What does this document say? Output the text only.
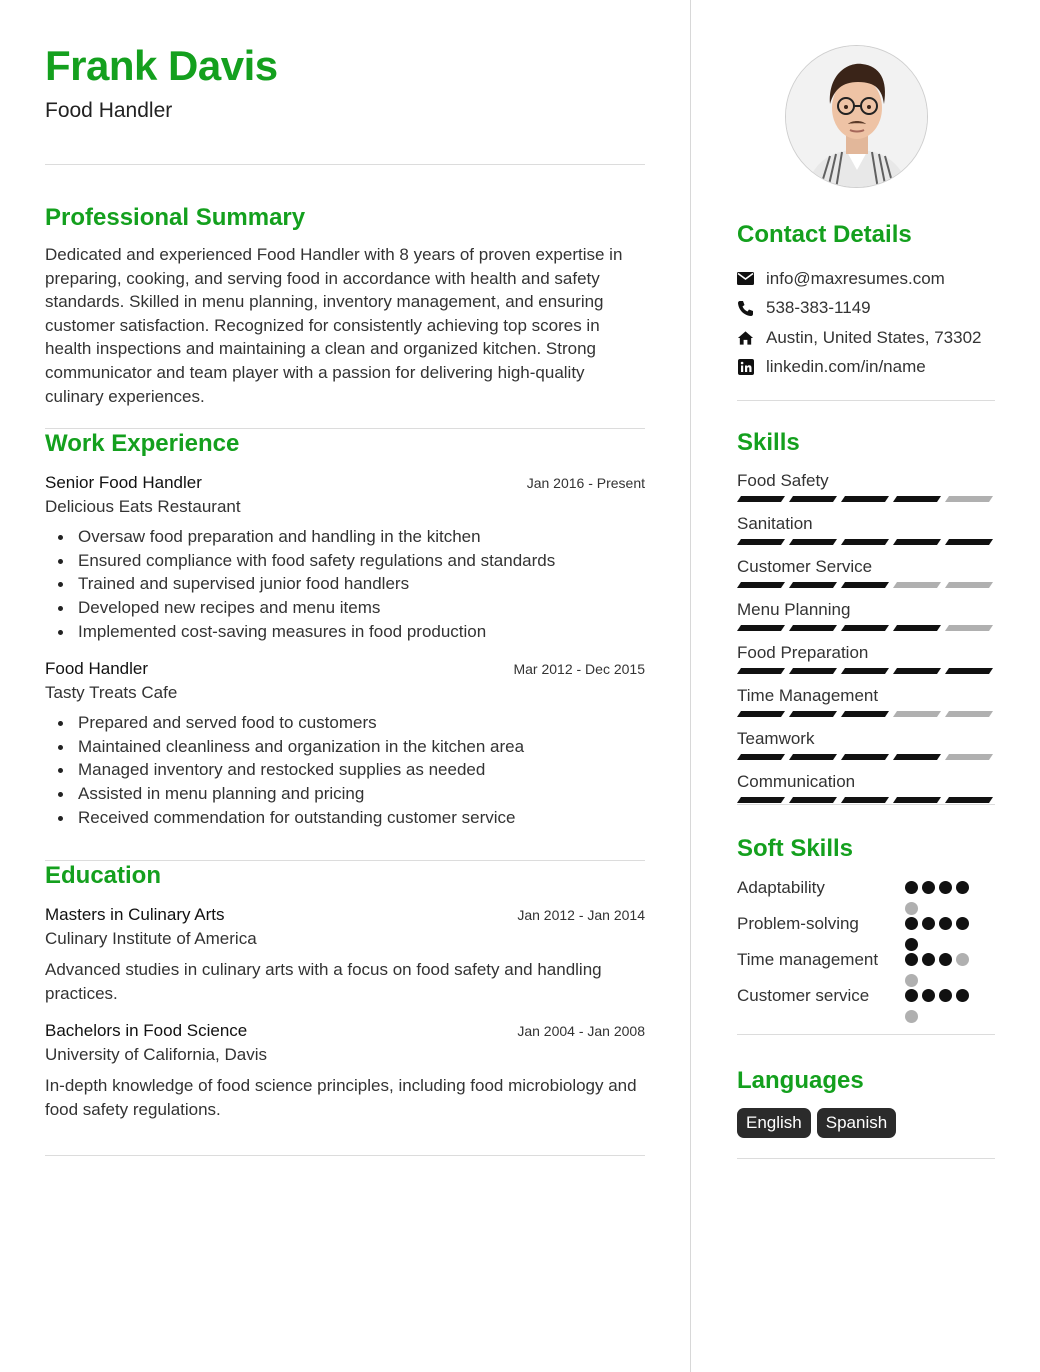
Frank Davis
Food Handler
Professional Summary
Dedicated and experienced Food Handler with 8 years of proven expertise in preparing, cooking, and serving food in accordance with health and safety standards. Skilled in menu planning, inventory management, and ensuring customer satisfaction. Recognized for consistently achieving top scores in health inspections and maintaining a clean and organized kitchen. Strong communicator and team player with a passion for delivering high-quality culinary experiences.
Work Experience
Senior Food Handler	Jan 2016 - Present
Delicious Eats Restaurant
Oversaw food preparation and handling in the kitchen
Ensured compliance with food safety regulations and standards
Trained and supervised junior food handlers
Developed new recipes and menu items
Implemented cost-saving measures in food production
Food Handler	Mar 2012 - Dec 2015
Tasty Treats Cafe
Prepared and served food to customers
Maintained cleanliness and organization in the kitchen area
Managed inventory and restocked supplies as needed
Assisted in menu planning and pricing
Received commendation for outstanding customer service
Education
Masters in Culinary Arts	Jan 2012 - Jan 2014
Culinary Institute of America
Advanced studies in culinary arts with a focus on food safety and handling practices.
Bachelors in Food Science	Jan 2004 - Jan 2008
University of California, Davis
In-depth knowledge of food science principles, including food microbiology and food safety regulations.
Contact Details
info@maxresumes.com
538-383-1149
Austin, United States, 73302
linkedin.com/in/name
Skills
Food Safety
Sanitation
Customer Service
Menu Planning
Food Preparation
Time Management
Teamwork
Communication
Soft Skills
Adaptability
Problem-solving
Time management
Customer service
Languages
English	Spanish
